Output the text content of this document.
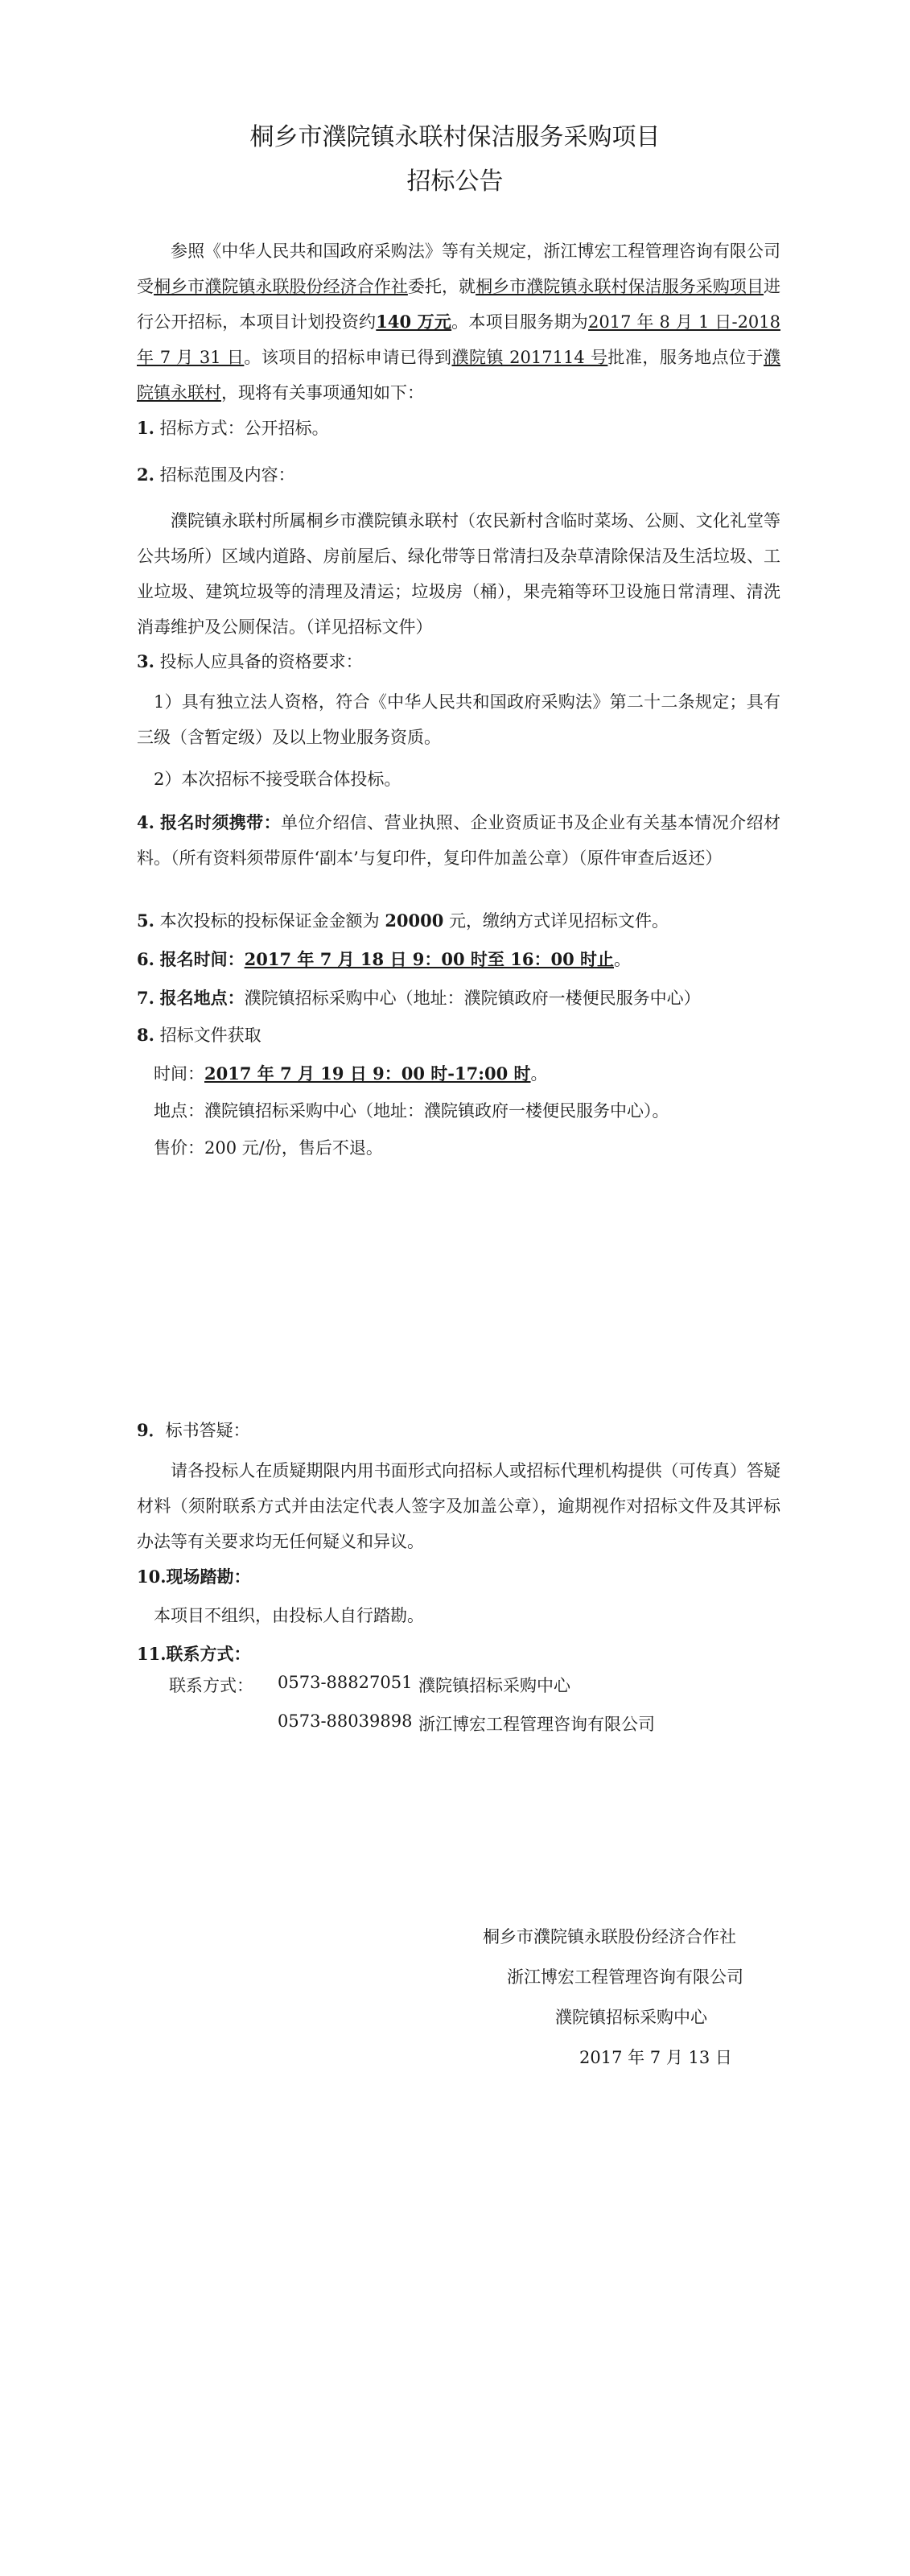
桐乡市濮院镇永联村保洁服务采购项目
招标公告
参照《中华人民共和国政府采购法》等有关规定，浙江博宏工程管理咨询有限公司受桐乡市濮院镇永联股份经济合作社委托，就桐乡市濮院镇永联村保洁服务采购项目进行公开招标，本项目计划投资约140 万元。本项目服务期为2017 年 8 月 1 日-2018 年 7 月 31 日。该项目的招标申请已得到濮院镇 2017114 号批准，服务地点位于濮院镇永联村，现将有关事项通知如下：
1. 招标方式：公开招标。
2. 招标范围及内容：
濮院镇永联村所属桐乡市濮院镇永联村（农民新村含临时菜场、公厕、文化礼堂等公共场所）区域内道路、房前屋后、绿化带等日常清扫及杂草清除保洁及生活垃圾、工业垃圾、建筑垃圾等的清理及清运；垃圾房（桶），果壳箱等环卫设施日常清理、清洗消毒维护及公厕保洁。（详见招标文件）
3. 投标人应具备的资格要求：
1）具有独立法人资格，符合《中华人民共和国政府采购法》第二十二条规定；具有三级（含暂定级）及以上物业服务资质。
2）本次招标不接受联合体投标。
4. 报名时须携带：单位介绍信、营业执照、企业资质证书及企业有关基本情况介绍材料。（所有资料须带原件‘副本’与复印件，复印件加盖公章）（原件审查后返还）
5. 本次投标的投标保证金金额为 20000 元，缴纳方式详见招标文件。
6. 报名时间：2017 年 7 月 18 日 9：00 时至 16：00 时止。
7. 报名地点：濮院镇招标采购中心（地址：濮院镇政府一楼便民服务中心）
8. 招标文件获取
时间：2017 年 7 月 19 日 9：00 时-17:00 时。
地点：濮院镇招标采购中心（地址：濮院镇政府一楼便民服务中心）。
售价：200 元/份，售后不退。
9．标书答疑：
请各投标人在质疑期限内用书面形式向招标人或招标代理机构提供（可传真）答疑材料（须附联系方式并由法定代表人签字及加盖公章），逾期视作对招标文件及其评标办法等有关要求均无任何疑义和异议。
10.现场踏勘：
本项目不组织，由投标人自行踏勘。
11.联系方式：
联系方式： 0573-88827051 濮院镇招标采购中心
0573-88039898 浙江博宏工程管理咨询有限公司
桐乡市濮院镇永联股份经济合作社
浙江博宏工程管理咨询有限公司
濮院镇招标采购中心
2017 年 7 月 13 日
